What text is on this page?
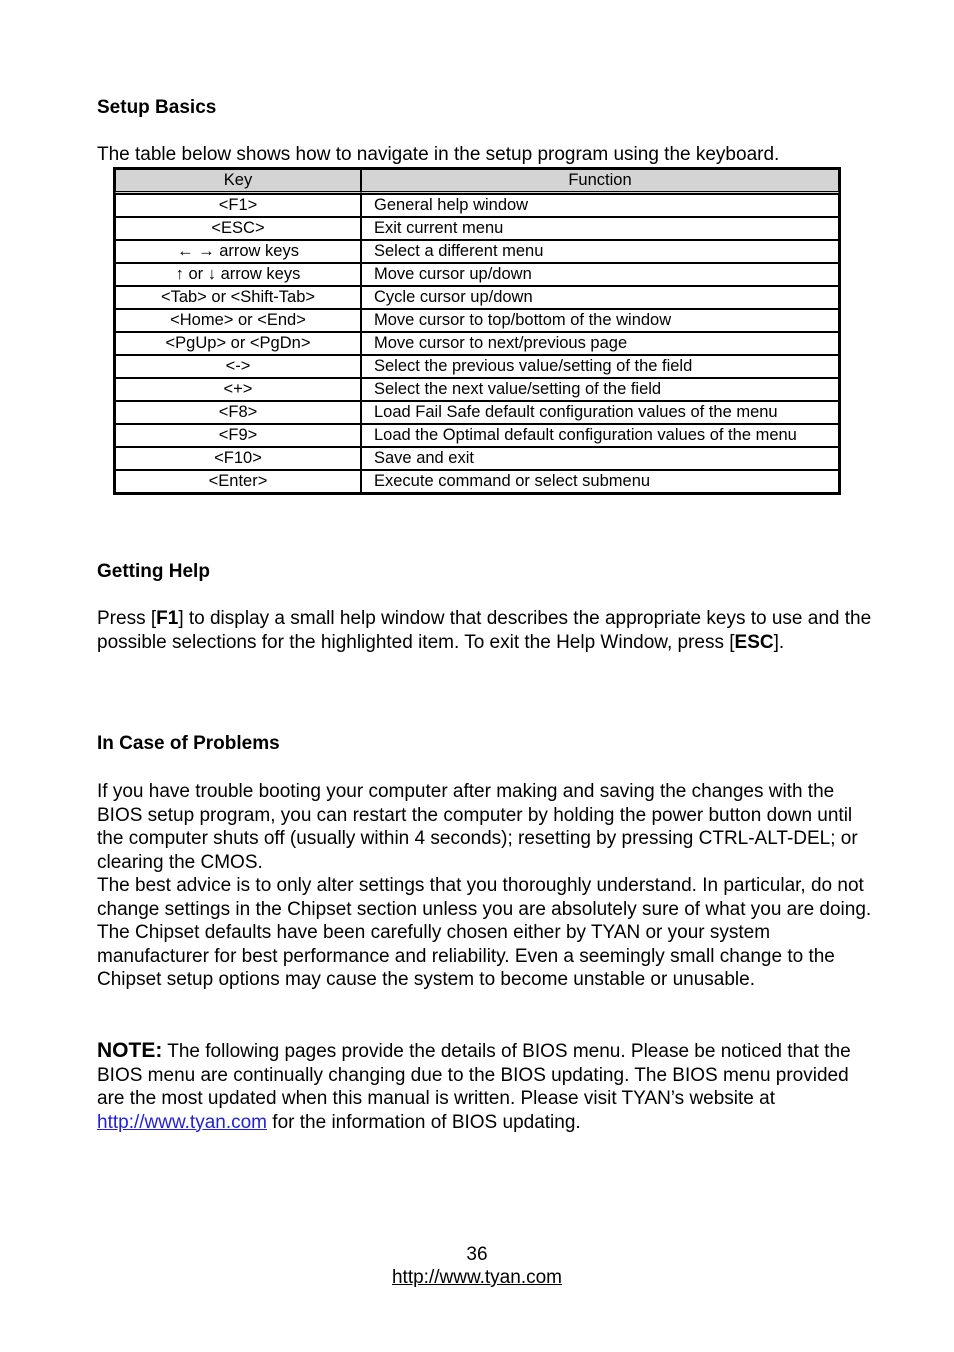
Setup Basics

The table below shows how to navigate in the setup program using the keyboard.

Key	Function
<F1>	General help window
<ESC>	Exit current menu
← → arrow keys	Select a different menu
↑ or ↓ arrow keys	Move cursor up/down
<Tab> or <Shift-Tab>	Cycle cursor up/down
<Home> or <End>	Move cursor to top/bottom of the window
<PgUp> or <PgDn>	Move cursor to next/previous page
<->	Select the previous value/setting of the field
<+>	Select the next value/setting of the field
<F8>	Load Fail Safe default configuration values of the menu
<F9>	Load the Optimal default configuration values of the menu
<F10>	Save and exit
<Enter>	Execute command or select submenu
Getting Help

Press [F1] to display a small help window that describes the appropriate keys to use and the possible selections for the highlighted item. To exit the Help Window, press [ESC].

In Case of Problems

If you have trouble booting your computer after making and saving the changes with the BIOS setup program, you can restart the computer by holding the power button down until the computer shuts off (usually within 4 seconds); resetting by pressing CTRL-ALT-DEL; or clearing the CMOS.

The best advice is to only alter settings that you thoroughly understand. In particular, do not change settings in the Chipset section unless you are absolutely sure of what you are doing. The Chipset defaults have been carefully chosen either by TYAN or your system manufacturer for best performance and reliability. Even a seemingly small change to the Chipset setup options may cause the system to become unstable or unusable.

NOTE: The following pages provide the details of BIOS menu. Please be noticed that the BIOS menu are continually changing due to the BIOS updating. The BIOS menu provided are the most updated when this manual is written. Please visit TYAN’s website at http://www.tyan.com for the information of BIOS updating.

36
http://www.tyan.com
